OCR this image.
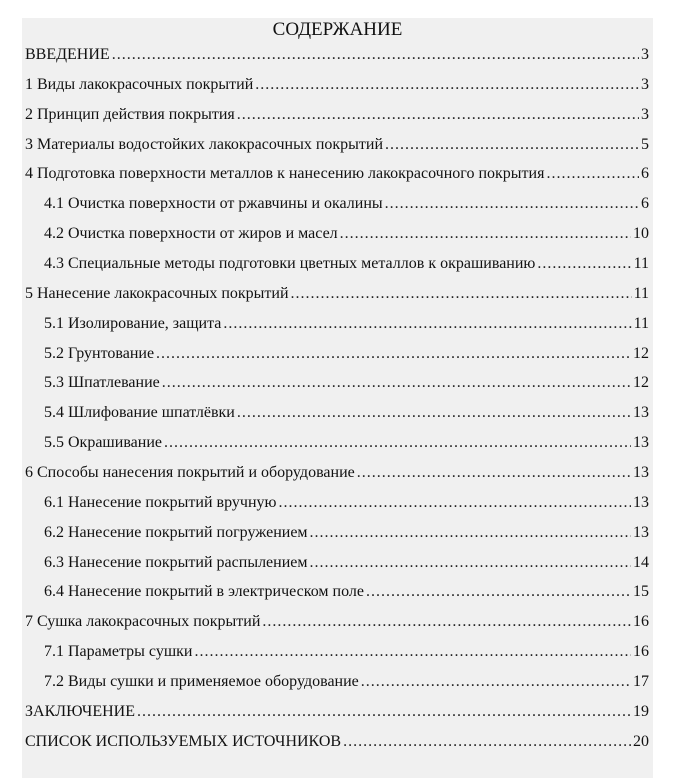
СОДЕРЖАНИЕ
ВВЕДЕНИЕ .....	3
1 Виды лакокрасочных покрытий .....	3
2 Принцип действия покрытия .....	3
3 Материалы водостойких лакокрасочных покрытий .....	5
4 Подготовка поверхности металлов к нанесению лакокрасочного покрытия .....	6
4.1 Очистка поверхности от ржавчины и окалины .....	6
4.2 Очистка поверхности от жиров и масел .....	10
4.3 Специальные методы подготовки цветных металлов к окрашиванию .....	11
5 Нанесение лакокрасочных покрытий .....	11
5.1 Изолирование, защита .....	11
5.2 Грунтование .....	12
5.3 Шпатлевание .....	12
5.4 Шлифование шпатлёвки .....	13
5.5 Окрашивание .....	13
6 Способы нанесения покрытий и оборудование .....	13
6.1 Нанесение покрытий вручную .....	13
6.2 Нанесение покрытий погружением .....	13
6.3 Нанесение покрытий распылением .....	14
6.4 Нанесение покрытий в электрическом поле .....	15
7 Сушка лакокрасочных покрытий .....	16
7.1 Параметры сушки .....	16
7.2 Виды сушки и применяемое оборудование .....	17
ЗАКЛЮЧЕНИЕ .....	19
СПИСОК ИСПОЛЬЗУЕМЫХ ИСТОЧНИКОВ .....	20
